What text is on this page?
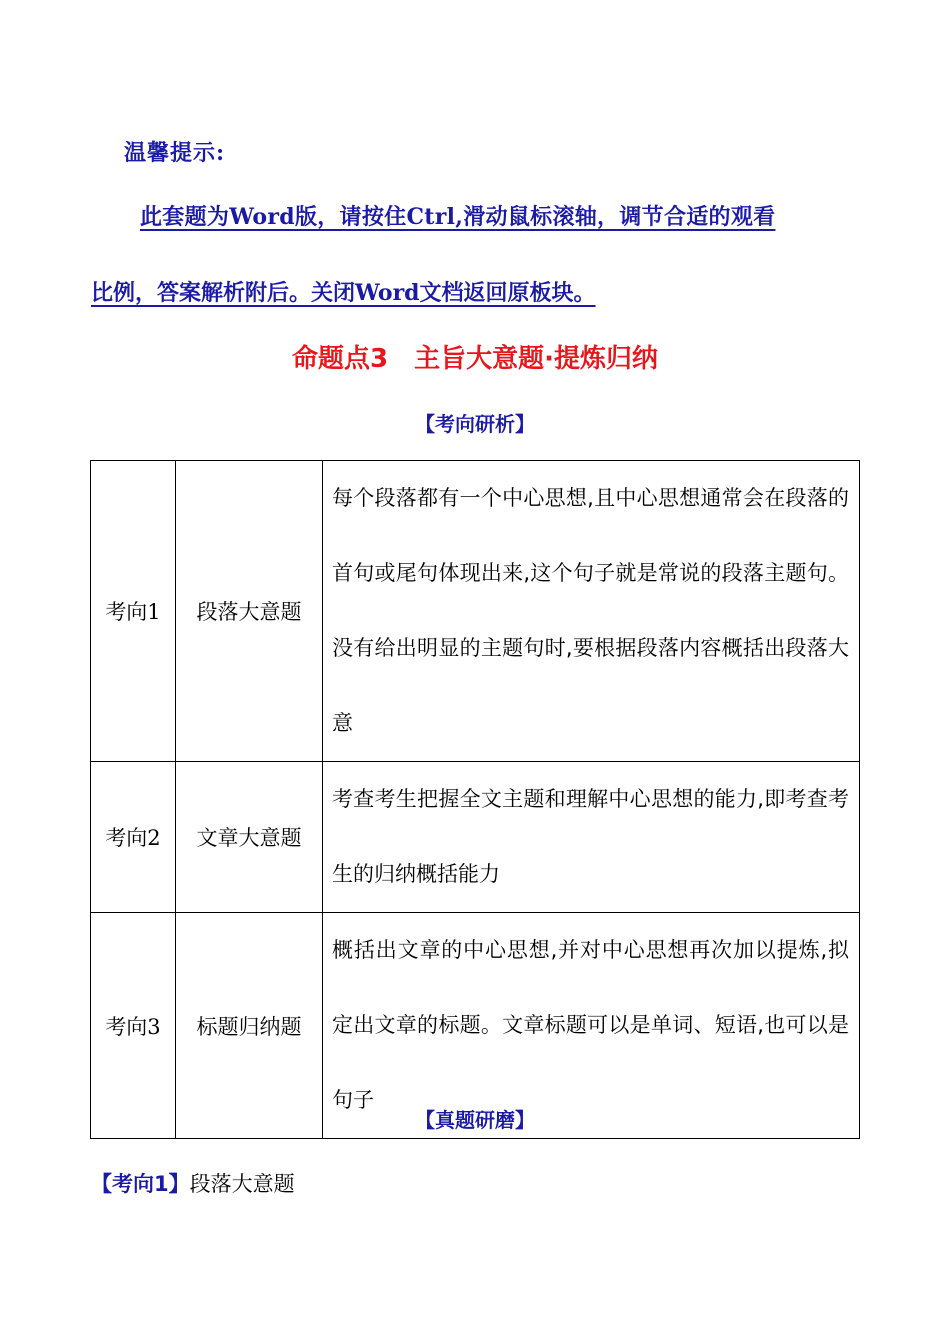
温馨提示:
此套题为Word版，请按住Ctrl,滑动鼠标滚轴，调节合适的观看
比例，答案解析附后。关闭Word文档返回原板块。
命题点3　主旨大意题·提炼归纳
【考向研析】
考向1	段落大意题	每个段落都有一个中心思想,且中心思想通常会在段落的首句或尾句体现出来,这个句子就是常说的段落主题句。没有给出明显的主题句时,要根据段落内容概括出段落大意
考向2	文章大意题	考查考生把握全文主题和理解中心思想的能力,即考查考生的归纳概括能力
考向3	标题归纳题	概括出文章的中心思想,并对中心思想再次加以提炼,拟定出文章的标题。文章标题可以是单词、短语,也可以是句子
【真题研磨】
【考向1】段落大意题
